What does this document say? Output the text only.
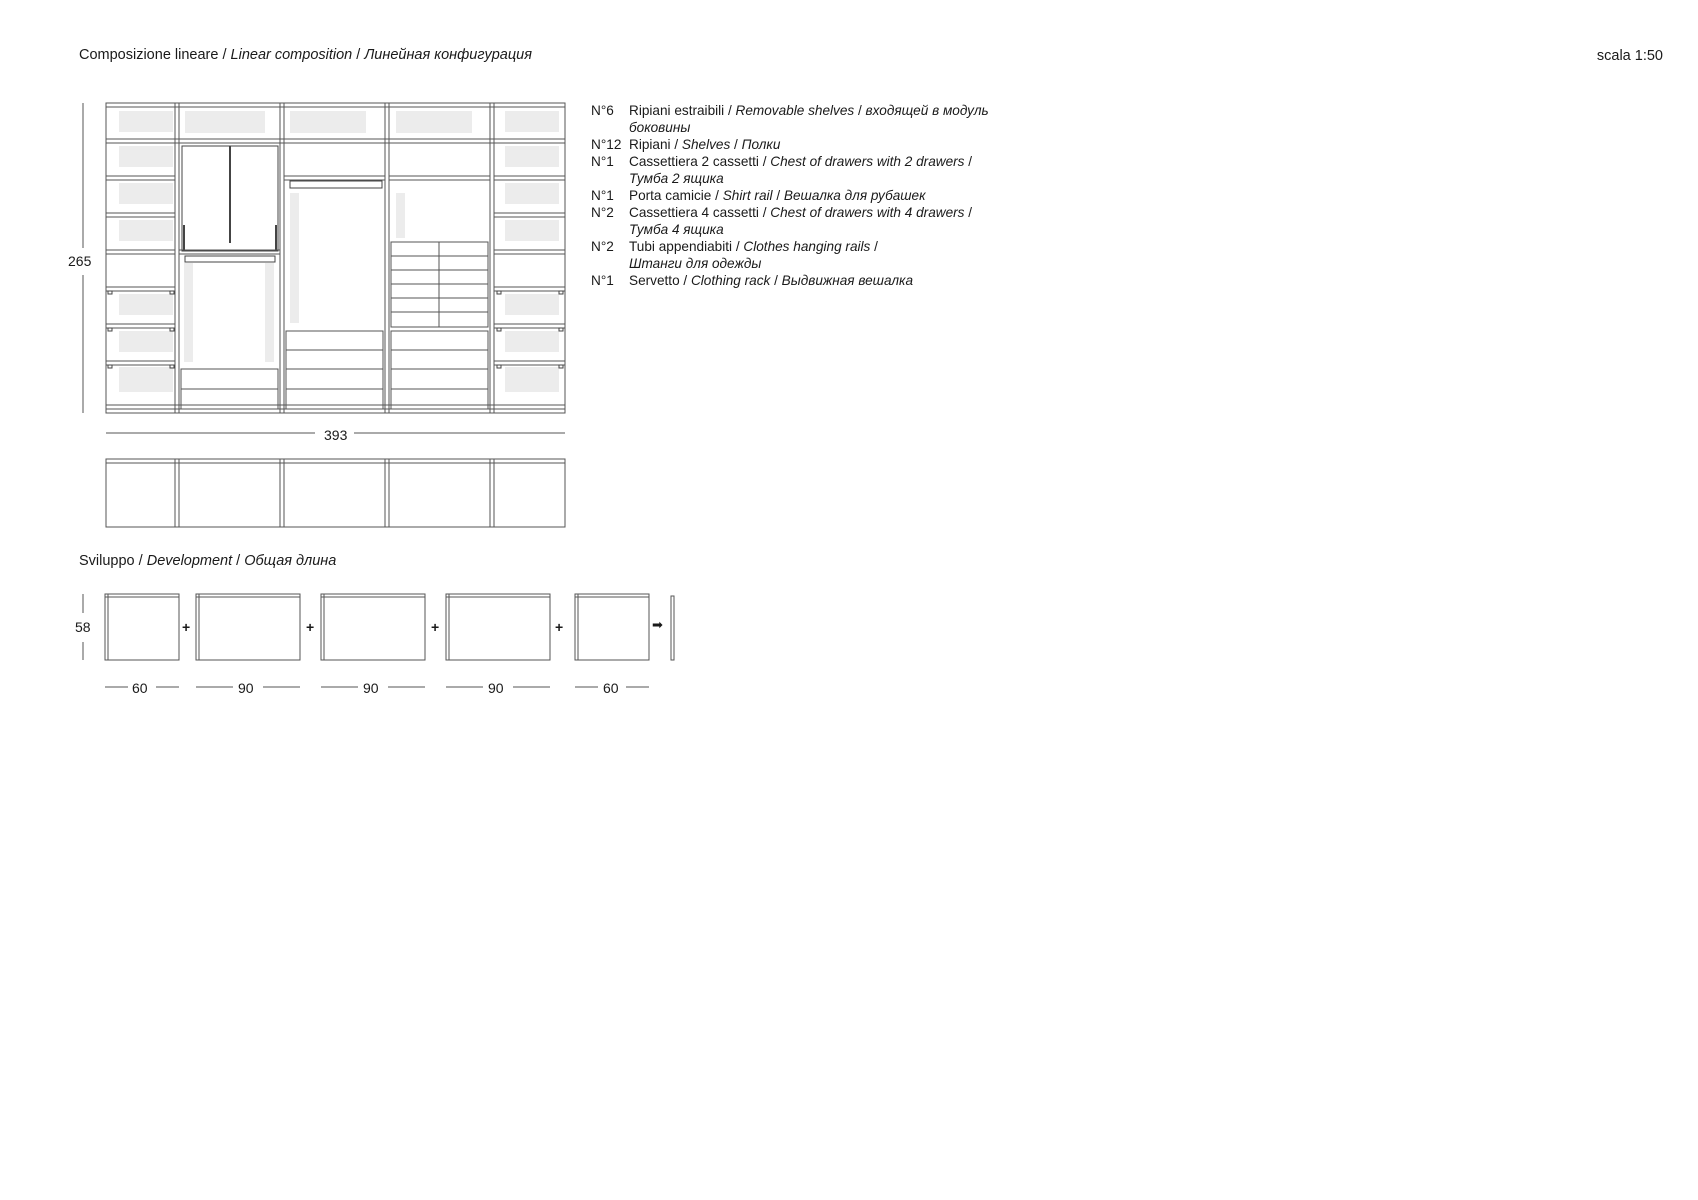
Composizione lineare / Linear composition / Линейная конфигурация	scala 1:50
265
393
N°6	Ripiani estraibili / Removable shelves / входящей в модуль боковины
N°12 Ripiani / Shelves / Полки
N°1	Cassettiera 2 cassetti / Chest of drawers with 2 drawers /
Тумба 2 ящика
N°1	Porta camicie / Shirt rail / Вешалка для рубашек
N°2	Cassettiera 4 cassetti / Chest of drawers with 4 drawers /
Тумба 4 ящика
N°2	Tubi appendiabiti / Clothes hanging rails /
Штанги для одежды
N°1	Servetto / Clothing rack / Выдвижная вешалка
Sviluppo / Development / Общая длина
58	+	+	+	+	➡
60	90	90	90	60
